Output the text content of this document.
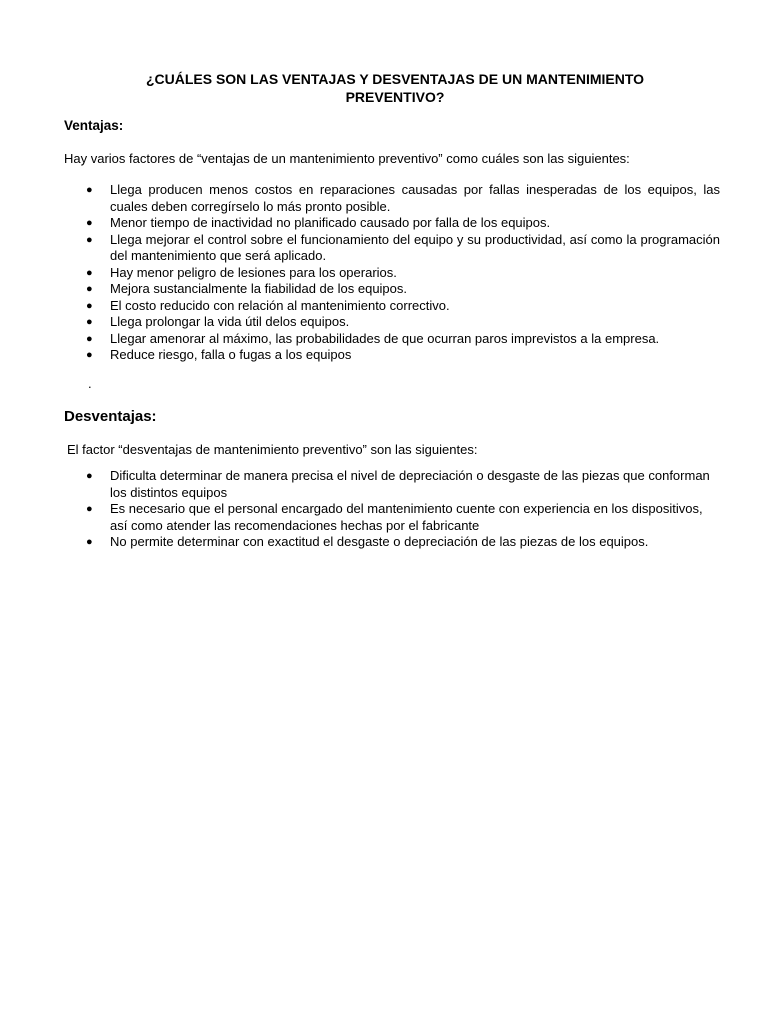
¿CUÁLES SON LAS VENTAJAS Y DESVENTAJAS DE UN MANTENIMIENTO PREVENTIVO?
Ventajas:
Hay varios factores de “ventajas de un mantenimiento preventivo” como cuáles son las siguientes:
● Llega producen menos costos en reparaciones causadas por fallas inesperadas de los equipos, las cuales deben corregírselo lo más pronto posible.
● Menor tiempo de inactividad no planificado causado por falla de los equipos.
● Llega mejorar el control sobre el funcionamiento del equipo y su productividad, así como la programación del mantenimiento que será aplicado.
● Hay menor peligro de lesiones para los operarios.
● Mejora sustancialmente la fiabilidad de los equipos.
● El costo reducido con relación al mantenimiento correctivo.
● Llega prolongar la vida útil delos equipos.
● Llegar amenorar al máximo, las probabilidades de que ocurran paros imprevistos a la empresa.
● Reduce riesgo, falla o fugas a los equipos
.
Desventajas:
El factor “desventajas de mantenimiento preventivo” son las siguientes:
● Dificulta determinar de manera precisa el nivel de depreciación o desgaste de las piezas que conforman los distintos equipos
● Es necesario que el personal encargado del mantenimiento cuente con experiencia en los dispositivos, así como atender las recomendaciones hechas por el fabricante
● No permite determinar con exactitud el desgaste o depreciación de las piezas de los equipos.
